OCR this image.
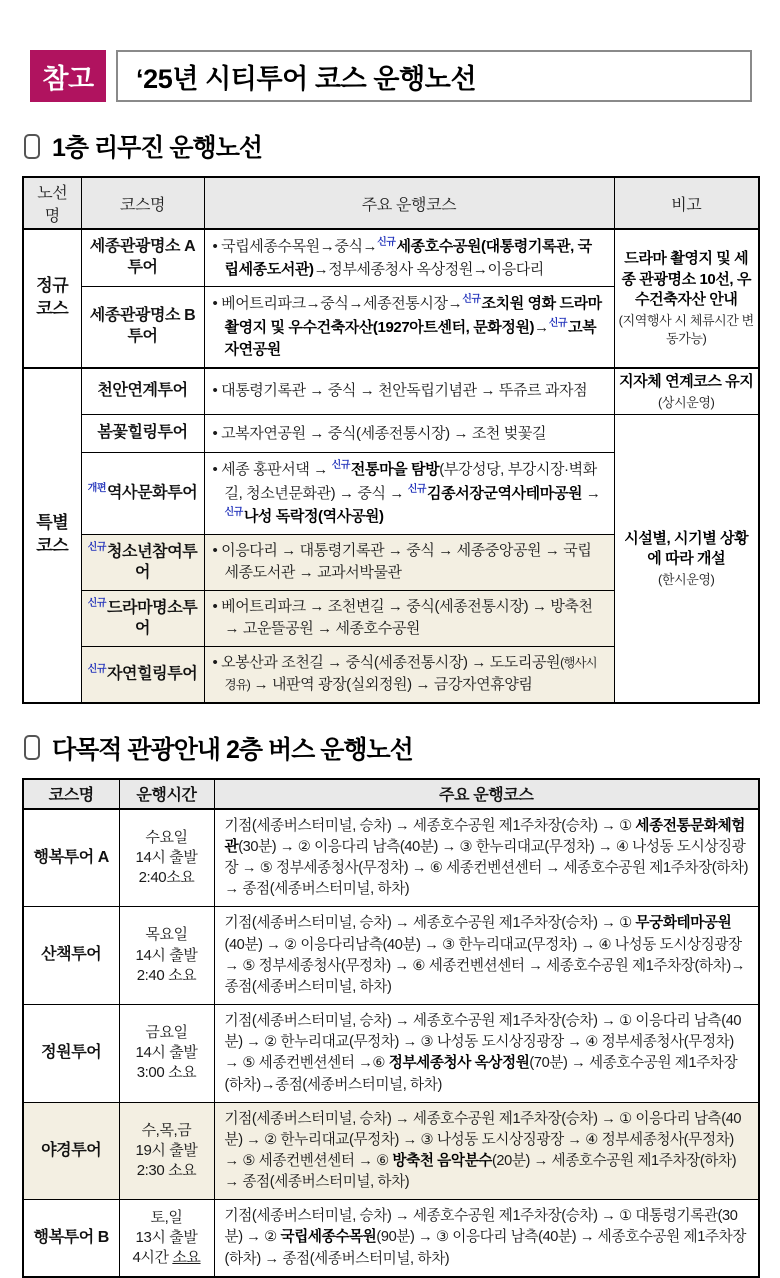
참고	‘25년 시티투어 코스 운행노선
1층 리무진 운행노선
노선명	코스명	주요 운행코스	비고
정규 코스	세종관광명소 A투어	• 국립세종수목원→중식→$^{신규}$세종호수공원(대통령기록관, 국립세종도서관)→정부세종청사 옥상정원→이응다리	드라마 촬영지 및 세종 관광명소 10선, 우수건축자산 안내
(지역행사 시 체류시간 변동가능)

	세종관광명소 B투어	• 베어트리파크→중식→세종전통시장→$^{신규}$조치원 영화 드라마 촬영지 및 우수건축자산(1927아트센터, 문화정원)→$^{신규}$고복자연공원	
특별 코스	천안연계투어	• 대통령기록관 → 중식 → 천안독립기념관 → 뚜쥬르 과자점	지자체 연계코스 유지
(상시운영)

	봄꽃힐링투어	• 고복자연공원 → 중식(세종전통시장) → 조천 벚꽃길	시설별, 시기별 상황에 따라 개설
(한시운영)

	$^{개편}$역사문화투어	• 세종 홍판서댁 → $^{신규}$전통마을 탐방(부강성당, 부강시장·벽화길, 청소년문화관) → 중식 → $^{신규}$김종서장군역사테마공원 → $^{신규}$나성 독락정(역사공원)	
	$^{신규}$청소년참여투어	• 이응다리 → 대통령기록관 → 중식 → 세종중앙공원 → 국립세종도서관 → 교과서박물관	
	$^{신규}$드라마명소투어	• 베어트리파크 → 조천변길 → 중식(세종전통시장) → 방축천 → 고운뜰공원 → 세종호수공원	
	$^{신규}$자연힐링투어	• 오봉산과 조천길 → 중식(세종전통시장) → 도도리공원(행사시 경유) → 내판역 광장(실외정원) → 금강자연휴양림	
다목적 관광안내 2층 버스 운행노선
코스명	운행시간	주요 운행코스
행복투어 A	수요일
14시 출발
2:40소요	기점(세종버스터미널, 승차) → 세종호수공원 제1주차장(승차) → ① 세종전통문화체험관(30분) → ② 이응다리 남측(40분) → ③ 한누리대교(무정차) → ④ 나성동 도시상징광장 → ⑤ 정부세종청사(무정차) → ⑥ 세종컨벤션센터 → 세종호수공원 제1주차장(하차) → 종점(세종버스터미널, 하차)
산책투어	목요일
14시 출발
2:40 소요	기점(세종버스터미널, 승차) → 세종호수공원 제1주차장(승차) → ① 무궁화테마공원(40분) → ② 이응다리남측(40분) → ③ 한누리대교(무정차) → ④ 나성동 도시상징광장 → ⑤ 정부세종청사(무정차) → ⑥ 세종컨벤션센터 → 세종호수공원 제1주차장(하차)→ 종점(세종버스터미널, 하차)
정원투어	금요일
14시 출발
3:00 소요	기점(세종버스터미널, 승차) → 세종호수공원 제1주차장(승차) → ① 이응다리 남측(40분) → ② 한누리대교(무정차) → ③ 나성동 도시상징광장 → ④ 정부세종청사(무정차) → ⑤ 세종컨벤션센터 →⑥ 정부세종청사 옥상정원(70분) → 세종호수공원 제1주차장(하차)→종점(세종버스터미널, 하차)
야경투어	수,목,금
19시 출발
2:30 소요	기점(세종버스터미널, 승차) → 세종호수공원 제1주차장(승차) → ① 이응다리 남측(40분) → ② 한누리대교(무정차) → ③ 나성동 도시상징광장 → ④ 정부세종청사(무정차) → ⑤ 세종컨벤션센터 → ⑥ 방축천 음악분수(20분) → 세종호수공원 제1주차장(하차) → 종점(세종버스터미널, 하차)
행복투어 B	토,일
13시 출발
4시간 소요	기점(세종버스터미널, 승차) → 세종호수공원 제1주차장(승차) → ① 대통령기록관(30분) → ② 국립세종수목원(90분) → ③ 이응다리 남측(40분) → 세종호수공원 제1주차장(하차) → 종점(세종버스터미널, 하차)
